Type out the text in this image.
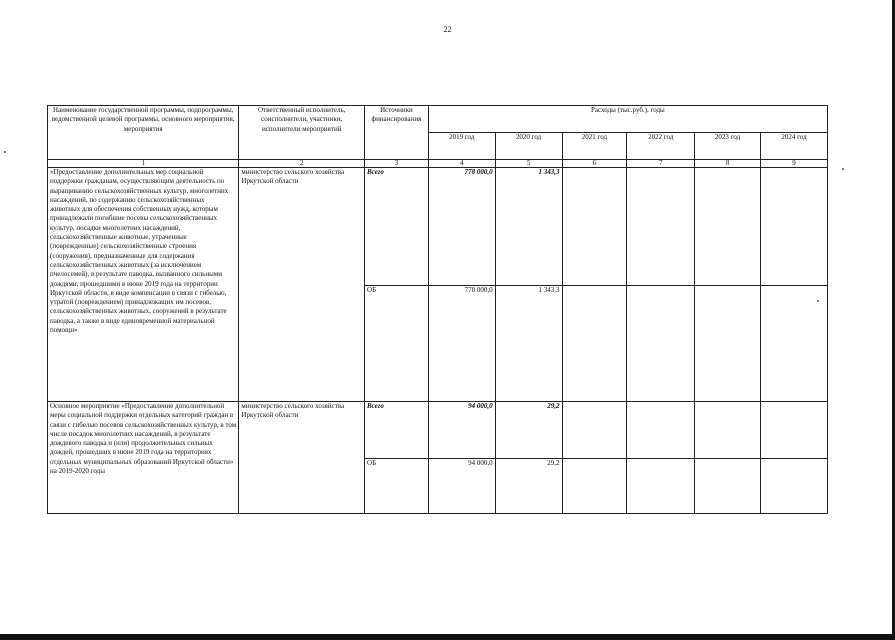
22
Наименование государственной программы, подпрограммы, ведомственной целевой программы, основного мероприятия, мероприятия	Ответственный исполнитель, соисполнители, участники, исполнители мероприятий	Источники финансирования	Расходы (тыс.руб.), годы					
			2019 год	2020 год	2021 год	2022 год	2023 год	2024 год
1	2	3	4	5	6	7	8	9
«Предоставление дополнительных мер социальной поддержки гражданам, осуществляющим деятельность по выращиванию сельскохозяйственных культур, многолетних насаждений, по содержанию сельскохозяйственных животных для обеспечения собственных нужд, которым принадлежали погибшие посевы сельскохозяйственных культур, посадки многолетних насаждений, сельскохозяйственные животные, утраченные (поврежденные) сельскохозяйственные строения (сооружения), предназначенные для содержания сельскохозяйственных животных (за исключением пчелосемей), в результате паводка, вызванного сильными дождями, прошедшими в июне 2019 года на территории Иркутской области, в виде компенсации в связи с гибелью, утратой (повреждением) принадлежащих им посевов, сельскохозяйственных животных, сооружений в результате паводка, а также в виде единовременной материальной помощи»	министерство сельского хозяйства Иркутской области	Всего	778 000,0	1 343,3				
		ОБ	778 000,0	1 343,3				
Основное мероприятие «Предоставление дополнительной меры социальной поддержки отдельных категорий граждан в связи с гибелью посевов сельскохозяйственных культур, в том числе посадок многолетних насаждений, в результате дождевого паводка и (или) продолжительных сильных дождей, прошедших в июне 2019 года на территориях отдельных муниципальных образований Иркутской области» на 2019-2020 годы	министерство сельского хозяйства Иркутской области	Всего	94 000,0	29,2				
		ОБ	94 000,0	29,2				
